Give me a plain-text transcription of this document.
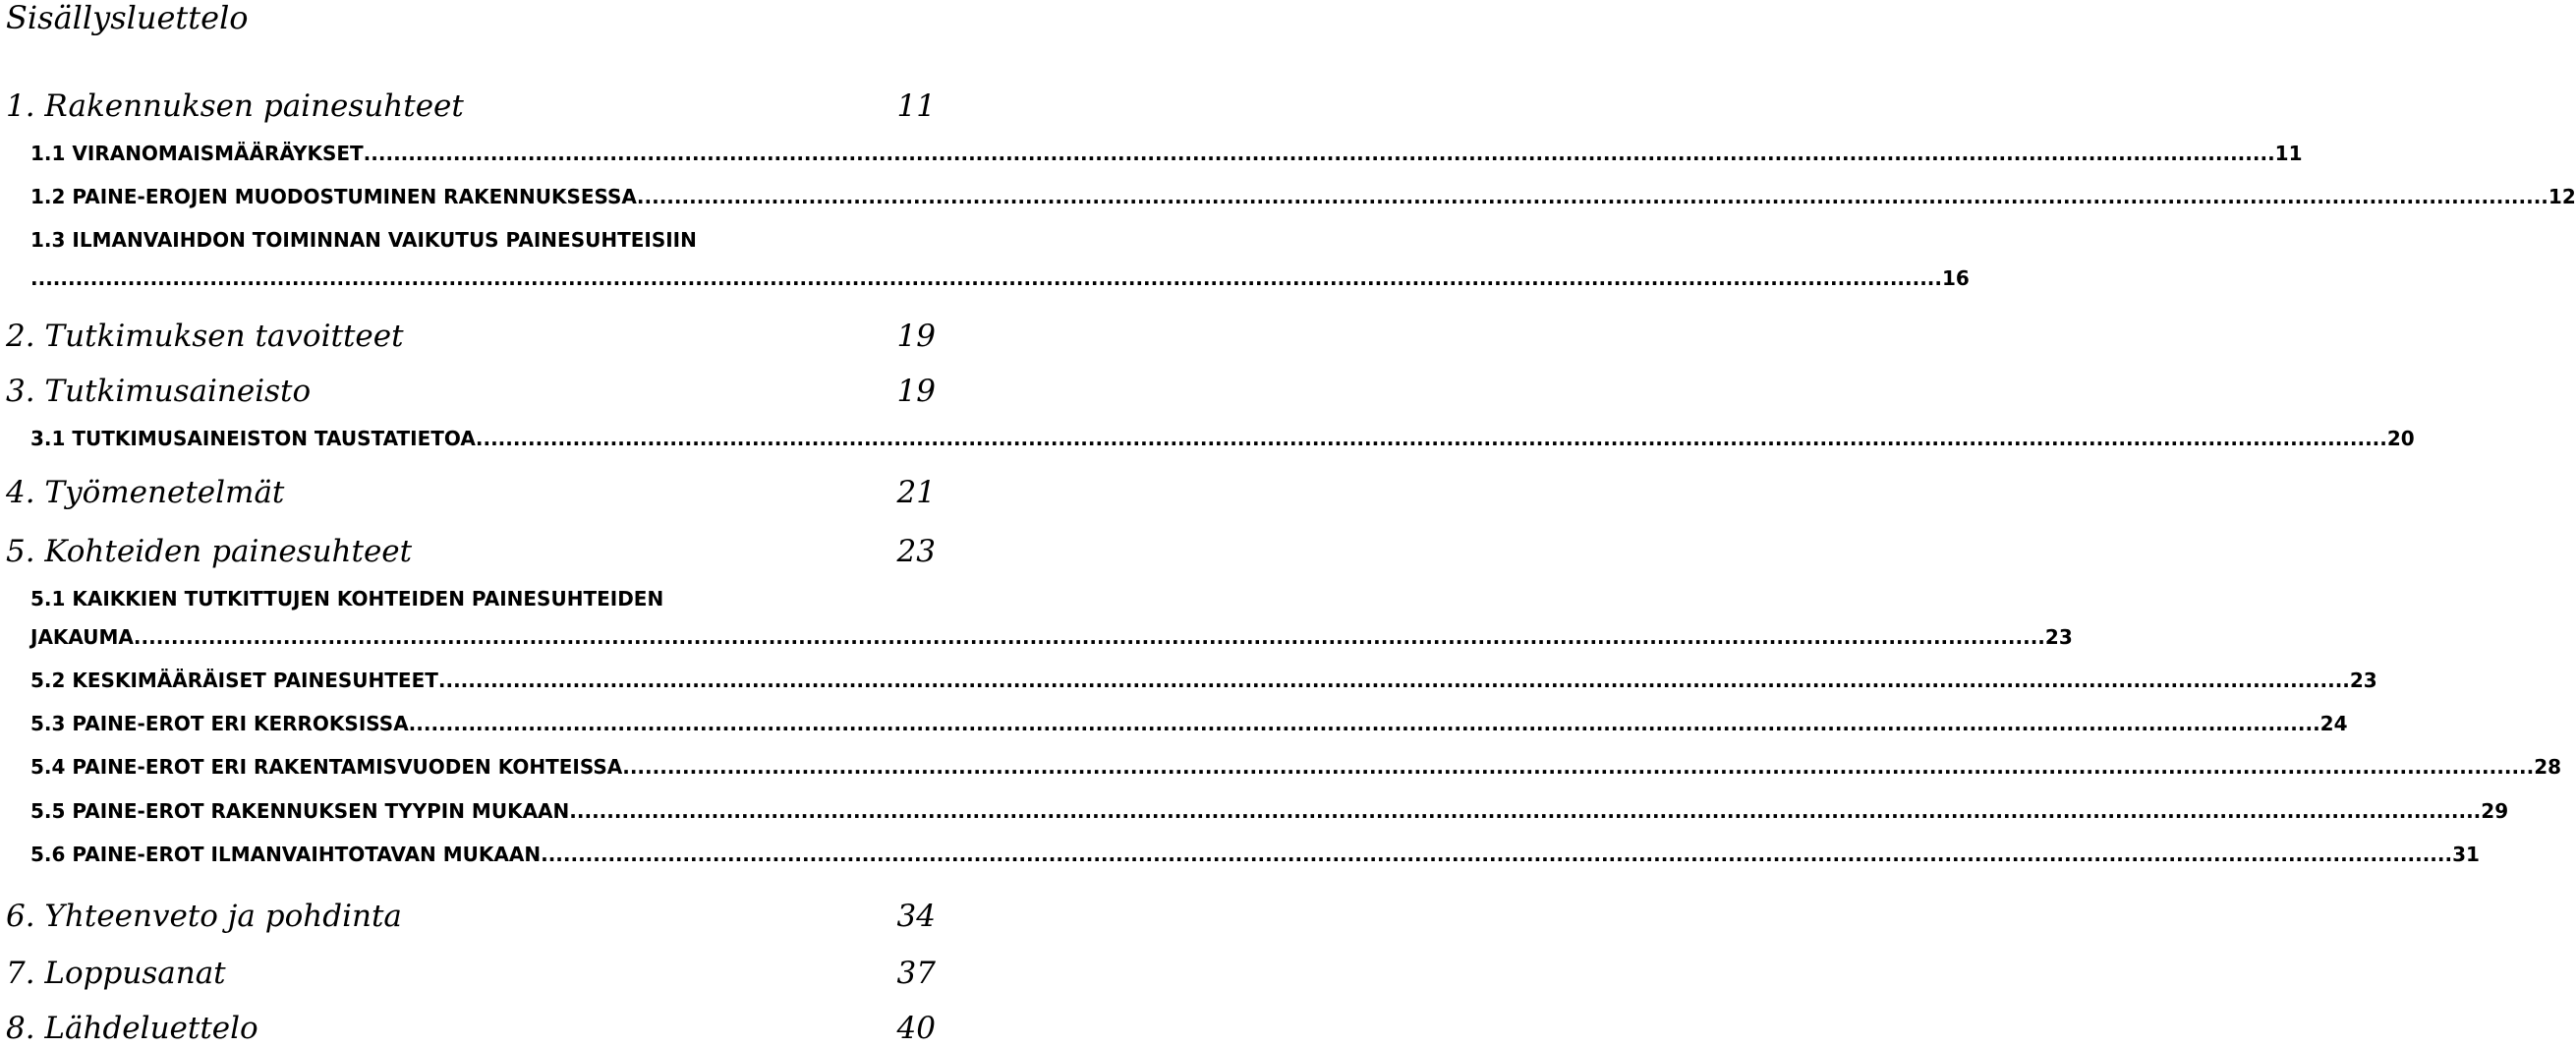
Sisällysluettelo
1. Rakennuksen painesuhteet	11
1.1 VIRANOMAISMÄÄRÄYKSET ................................................................................................................................................................................................................................................................ 11
1.2 PAINE-EROJEN MUODOSTUMINEN RAKENNUKSESSA ................................................................................................................................................................................................................................................................ 12
1.3 ILMANVAIHDON TOIMINNAN VAIKUTUS PAINESUHTEISIIN
................................................................................................................................................................................................................................................................ 16
2. Tutkimuksen tavoitteet	19
3. Tutkimusaineisto	19
3.1 TUTKIMUSAINEISTON TAUSTATIETOA ................................................................................................................................................................................................................................................................ 20
4. Työmenetelmät	21
5. Kohteiden painesuhteet	23
5.1 KAIKKIEN TUTKITTUJEN KOHTEIDEN PAINESUHTEIDEN
JAKAUMA ................................................................................................................................................................................................................................................................ 23
5.2 KESKIMÄÄRÄISET PAINESUHTEET ................................................................................................................................................................................................................................................................ 23
5.3 PAINE-EROT ERI KERROKSISSA ................................................................................................................................................................................................................................................................ 24
5.4 PAINE-EROT ERI RAKENTAMISVUODEN KOHTEISSA ................................................................................................................................................................................................................................................................ 28
5.5 PAINE-EROT RAKENNUKSEN TYYPIN MUKAAN ................................................................................................................................................................................................................................................................ 29
5.6 PAINE-EROT ILMANVAIHTOTAVAN MUKAAN ................................................................................................................................................................................................................................................................ 31
6. Yhteenveto ja pohdinta	34
7. Loppusanat	37
8. Lähdeluettelo	40
